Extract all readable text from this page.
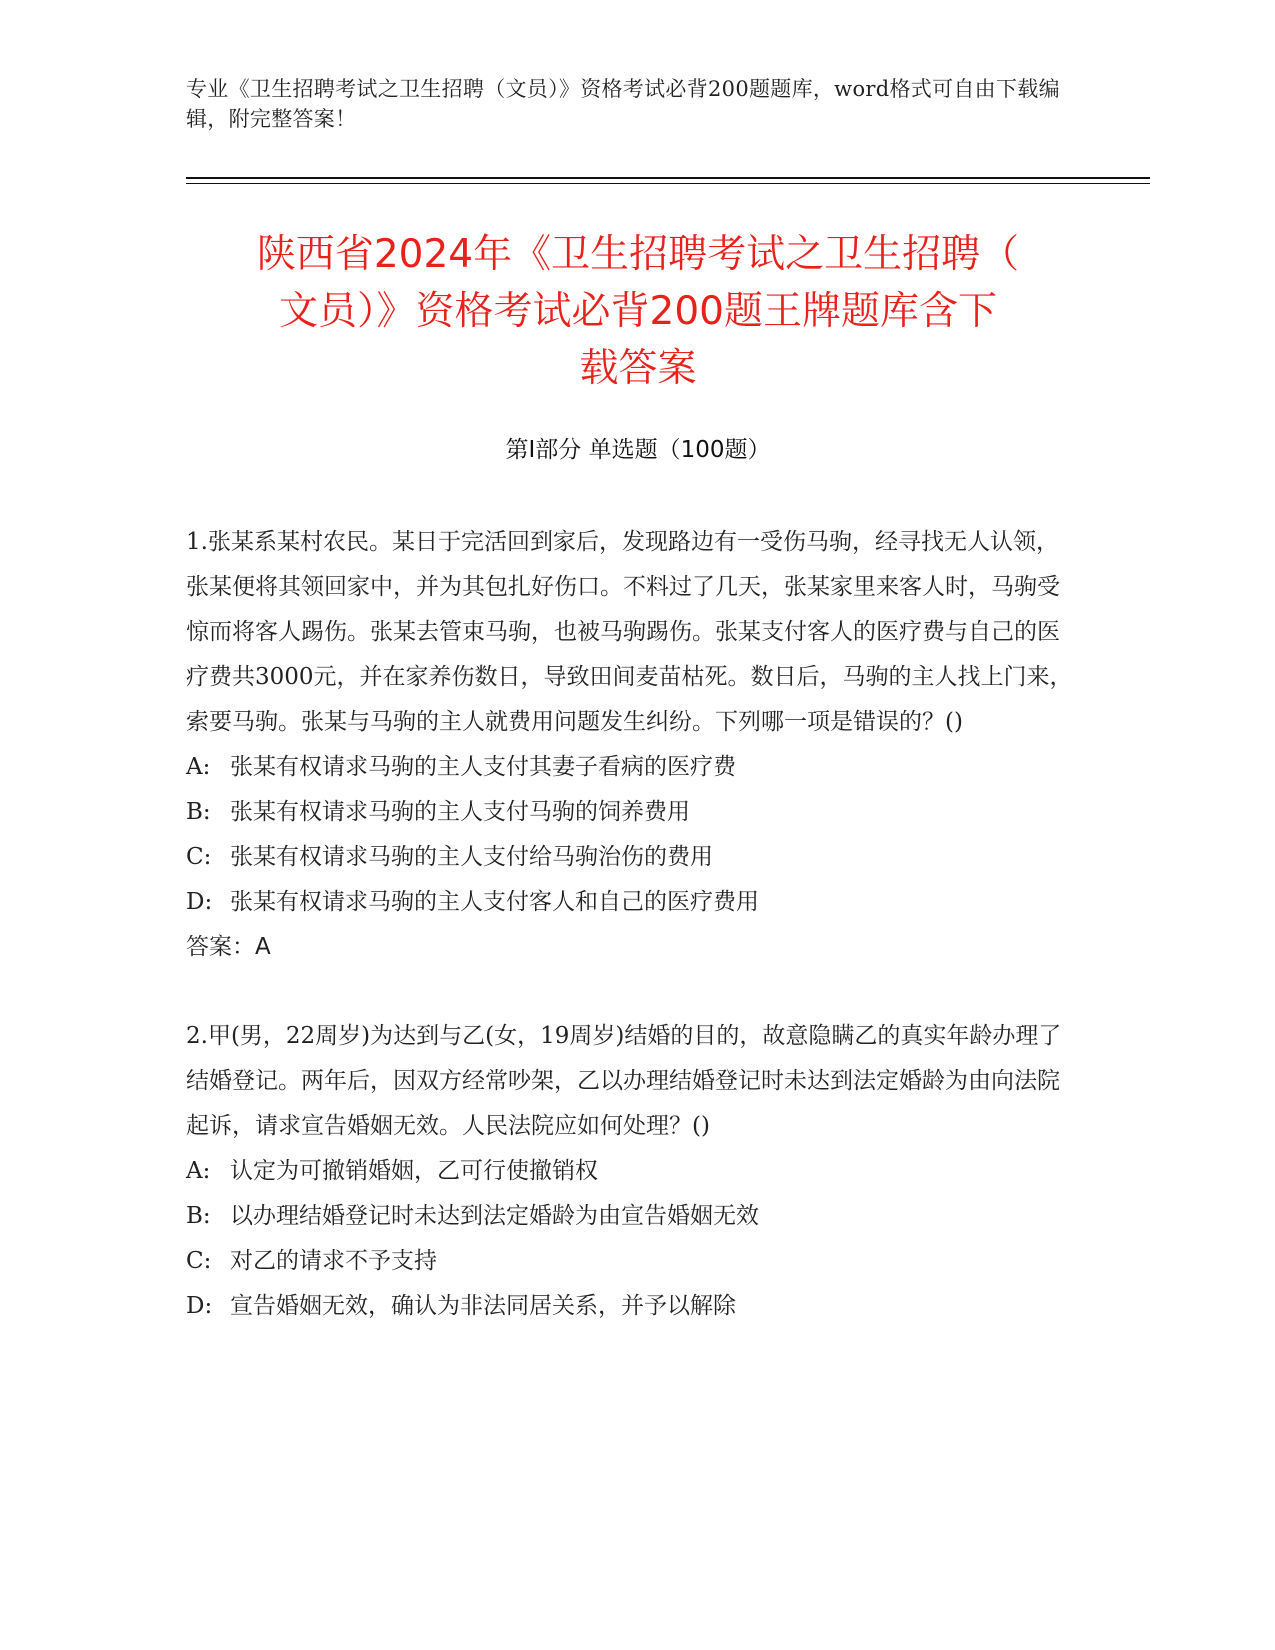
专业《卫生招聘考试之卫生招聘（文员）》资格考试必背200题题库，word格式可自由下载编辑，附完整答案！
陕西省2024年《卫生招聘考试之卫生招聘（
文员）》资格考试必背200题王牌题库含下
载答案
第Ⅰ部分 单选题（100题）

1.张某系某村农民。某日于完活回到家后，发现路边有一受伤马驹，经寻找无人认领，张某便将其领回家中，并为其包扎好伤口。不料过了几天，张某家里来客人时，马驹受惊而将客人踢伤。张某去管束马驹，也被马驹踢伤。张某支付客人的医疗费与自己的医疗费共3000元，并在家养伤数日，导致田间麦苗枯死。数日后，马驹的主人找上门来，索要马驹。张某与马驹的主人就费用问题发生纠纷。下列哪一项是错误的？()

A: 张某有权请求马驹的主人支付其妻子看病的医疗费
B: 张某有权请求马驹的主人支付马驹的饲养费用
C: 张某有权请求马驹的主人支付给马驹治伤的费用
D: 张某有权请求马驹的主人支付客人和自己的医疗费用
答案：A

2.甲(男，22周岁)为达到与乙(女，19周岁)结婚的目的，故意隐瞒乙的真实年龄办理了结婚登记。两年后，因双方经常吵架，乙以办理结婚登记时未达到法定婚龄为由向法院起诉，请求宣告婚姻无效。人民法院应如何处理？()

A: 认定为可撤销婚姻，乙可行使撤销权
B: 以办理结婚登记时未达到法定婚龄为由宣告婚姻无效
C: 对乙的请求不予支持
D: 宣告婚姻无效，确认为非法同居关系，并予以解除
